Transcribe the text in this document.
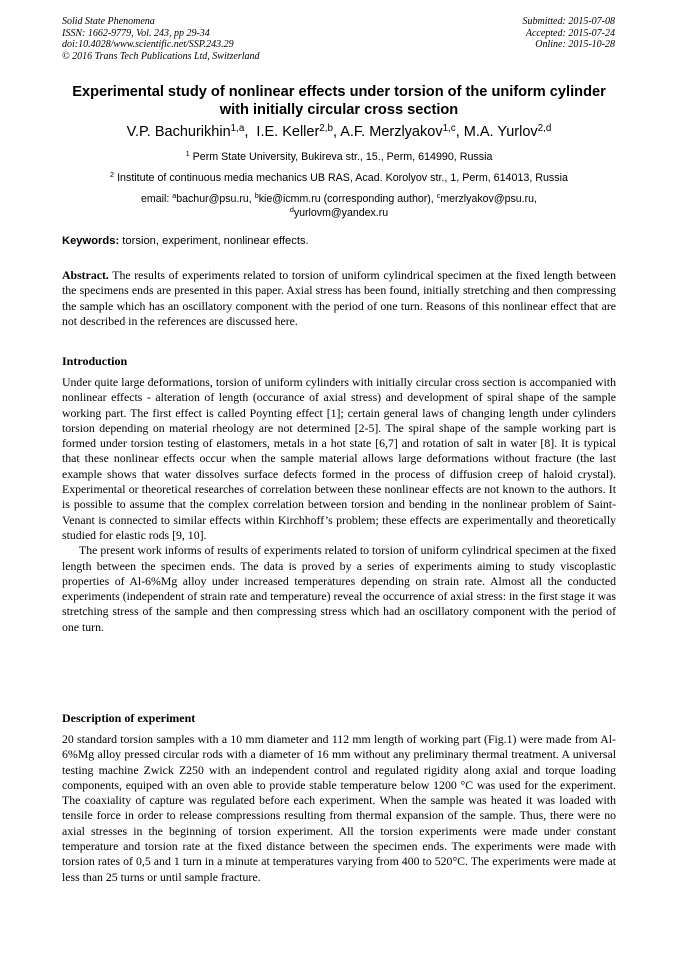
Solid State Phenomena
ISSN: 1662-9779, Vol. 243, pp 29-34
doi:10.4028/www.scientific.net/SSP.243.29
© 2016 Trans Tech Publications Ltd, Switzerland
Submitted: 2015-07-08
Accepted: 2015-07-24
Online: 2015-10-28
Experimental study of nonlinear effects under torsion of the uniform cylinder with initially circular cross section
V.P. Bachurikhin$^{1,a}$,  I.E. Keller$^{2,b}$, A.F. Merzlyakov$^{1,c}$, M.A. Yurlov$^{2,d}$
$^1$ Perm State University, Bukireva str., 15., Perm, 614990, Russia
$^2$ Institute of continuous media mechanics UB RAS, Acad. Korolyov str., 1, Perm, 614013, Russia
email: $^a$bachur@psu.ru, $^b$kie@icmm.ru (corresponding author), $^c$merzlyakov@psu.ru,
$^d$yurlovm@yandex.ru
Keywords: torsion, experiment, nonlinear effects.
Abstract. The results of experiments related to torsion of uniform cylindrical specimen at the fixed length between the specimens ends are presented in this paper. Axial stress has been found, initially stretching and then compressing the sample which has an oscillatory component with the period of one turn. Reasons of this nonlinear effect that are not described in the references are discussed here.
Introduction

Under quite large deformations, torsion of uniform cylinders with initially circular cross section is accompanied with nonlinear effects - alteration of length (occurance of axial stress) and development of spiral shape of the sample working part. The first effect is called Poynting effect [1]; certain general laws of changing length under cylinders torsion depending on material rheology are not determined [2-5]. The spiral shape of the sample working part is formed under torsion testing of elastomers, metals in a hot state [6,7] and rotation of salt in water [8]. It is typical that these nonlinear effects occur when the sample material allows large deformations without fracture (the last example shows that water dissolves surface defects formed in the process of diffusion creep of haloid crystal). Experimental or theoretical researches of correlation between these nonlinear effects are not known to the authors. It is possible to assume that the complex correlation between torsion and bending in the nonlinear problem of Saint-Venant is connected to similar effects within Kirchhoff’s problem; these effects are experimentally and theoretically studied for elastic rods [9, 10].

The present work informs of results of experiments related to torsion of uniform cylindrical specimen at the fixed length between the specimen ends. The data is proved by a series of experiments aiming to study viscoplastic properties of Al-6%Mg alloy under increased temperatures depending on strain rate. Almost all the conducted experiments (independent of strain rate and temperature) reveal the occurrence of axial stress: in the first stage it was stretching stress of the sample and then compressing stress which had an oscillatory component with the period of one turn.

Description of experiment

20 standard torsion samples with a 10 mm diameter and 112 mm length of working part (Fig.1) were made from Al-6%Mg alloy pressed circular rods with a diameter of 16 mm without any preliminary thermal treatment. A universal testing machine Zwick Z250 with an independent control and regulated rigidity along axial and torque loading components, equiped with an oven able to provide stable temperature below 1200 °C was used for the experiment. The coaxiality of capture was regulated before each experiment. When the sample was heated it was loaded with tensile force in order to release compressions resulting from thermal expansion of the sample. Thus, there were no axial stresses in the beginning of torsion experiment. All the torsion experiments were made under constant temperature and torsion rate at the fixed distance between the specimen ends. The experiments were made with torsion rates of 0,5 and 1 turn in a minute at temperatures varying from 400 to 520°C. The experiments were made at less than 25 turns or until sample fracture.
